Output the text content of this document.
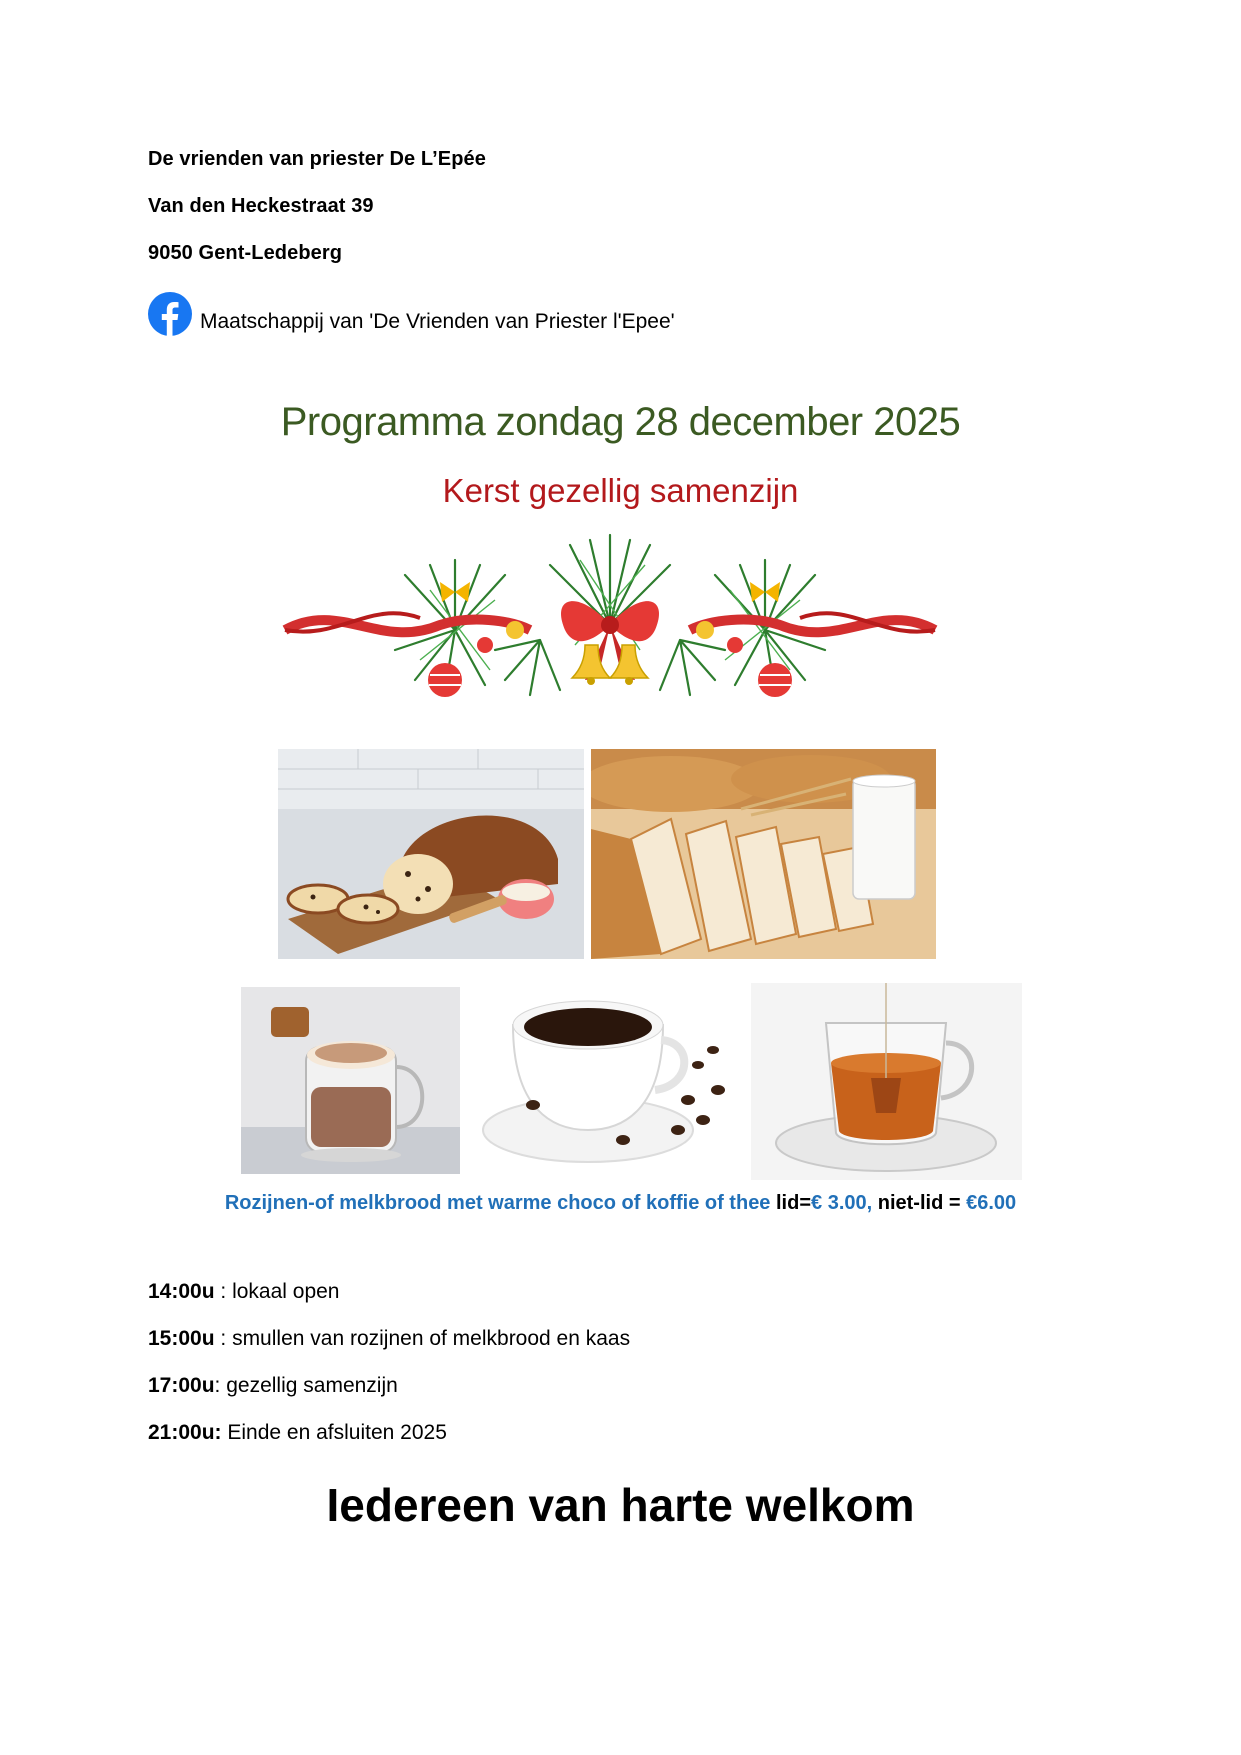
De vrienden van priester De L’Epée
Van den Heckestraat 39
9050 Gent-Ledeberg
Maatschappij van 'De Vrienden van Priester l'Epee'
Programma zondag 28 december 2025
Kerst gezellig samenzijn
Rozijnen-of melkbrood met warme choco of koffie of thee lid=€ 3.00, niet-lid = €6.00
14:00u : lokaal open
15:00u : smullen van rozijnen of melkbrood en kaas
17:00u: gezellig samenzijn
21:00u: Einde en afsluiten 2025
Iedereen van harte welkom
